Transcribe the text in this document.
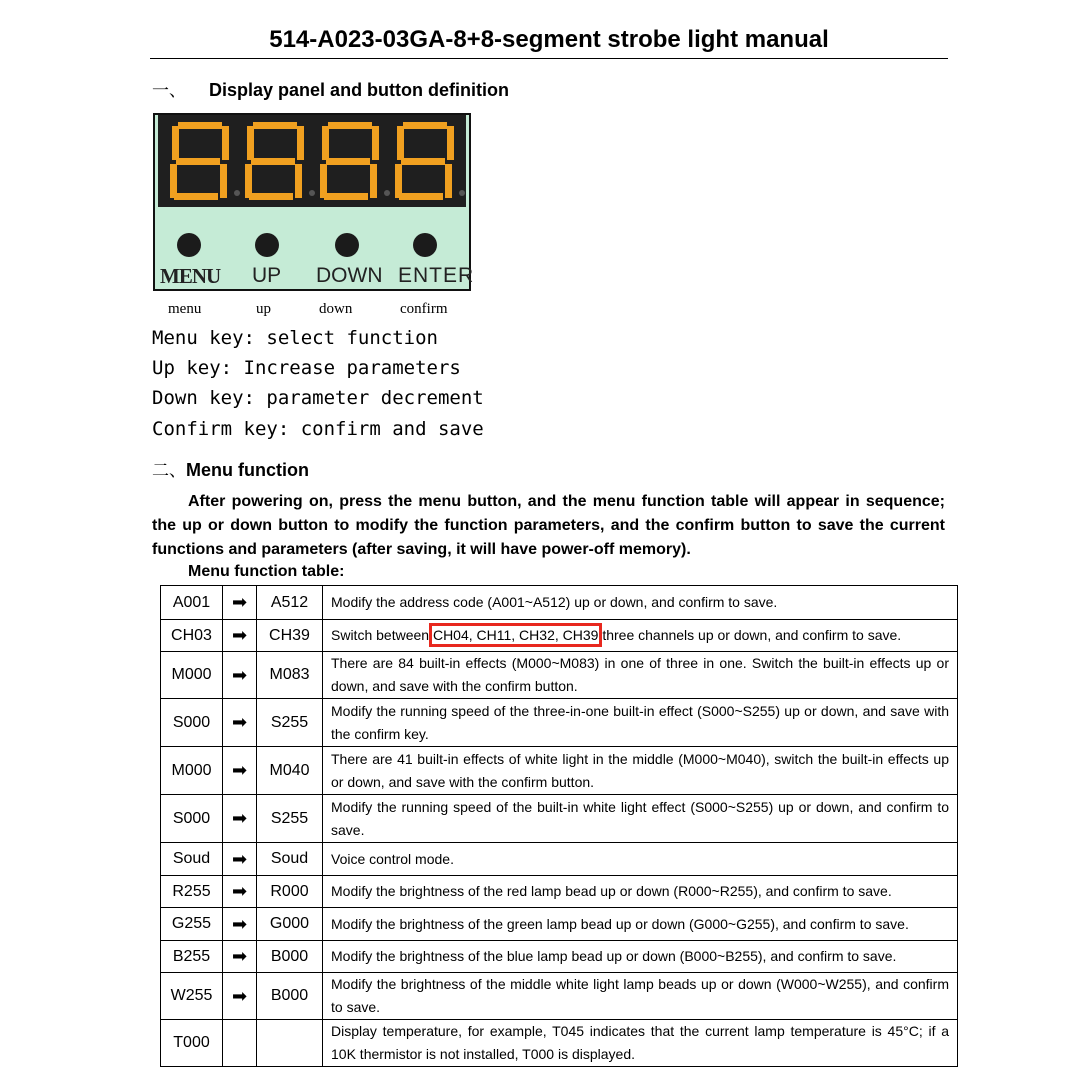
514-A023-03GA-8+8-segment strobe light manual
一、 Display panel and button definition
MENU UP DOWN ENTER
menu	up	down	confirm
Menu key: select function
Up key: Increase parameters
Down key: parameter decrement
Confirm key: confirm and save
二、Menu function
After powering on, press the menu button, and the menu function table will appear in sequence; the up or down button to modify the function parameters, and the confirm button to save the current functions and parameters (after saving, it will have power-off memory).
Menu function table:
A001	➡	A512	Modify the address code (A001~A512) up or down, and confirm to save.
CH03	➡	CH39	Switch between CH04, CH11, CH32, CH39 three channels up or down, and confirm to save.
M000	➡	M083	There are 84 built-in effects (M000~M083) in one of three in one. Switch the built-in effects up or down, and save with the confirm button.
S000	➡	S255	Modify the running speed of the three-in-one built-in effect (S000~S255) up or down, and save with the confirm key.
M000	➡	M040	There are 41 built-in effects of white light in the middle (M000~M040), switch the built-in effects up or down, and save with the confirm button.
S000	➡	S255	Modify the running speed of the built-in white light effect (S000~S255) up or down, and confirm to save.
Soud	➡	Soud	Voice control mode.
R255	➡	R000	Modify the brightness of the red lamp bead up or down (R000~R255), and confirm to save.
G255	➡	G000	Modify the brightness of the green lamp bead up or down (G000~G255), and confirm to save.
B255	➡	B000	Modify the brightness of the blue lamp bead up or down (B000~B255), and confirm to save.
W255	➡	B000	Modify the brightness of the middle white light lamp beads up or down (W000~W255), and confirm to save.
T000			Display temperature, for example, T045 indicates that the current lamp temperature is 45°C; if a 10K thermistor is not installed, T000 is displayed.
